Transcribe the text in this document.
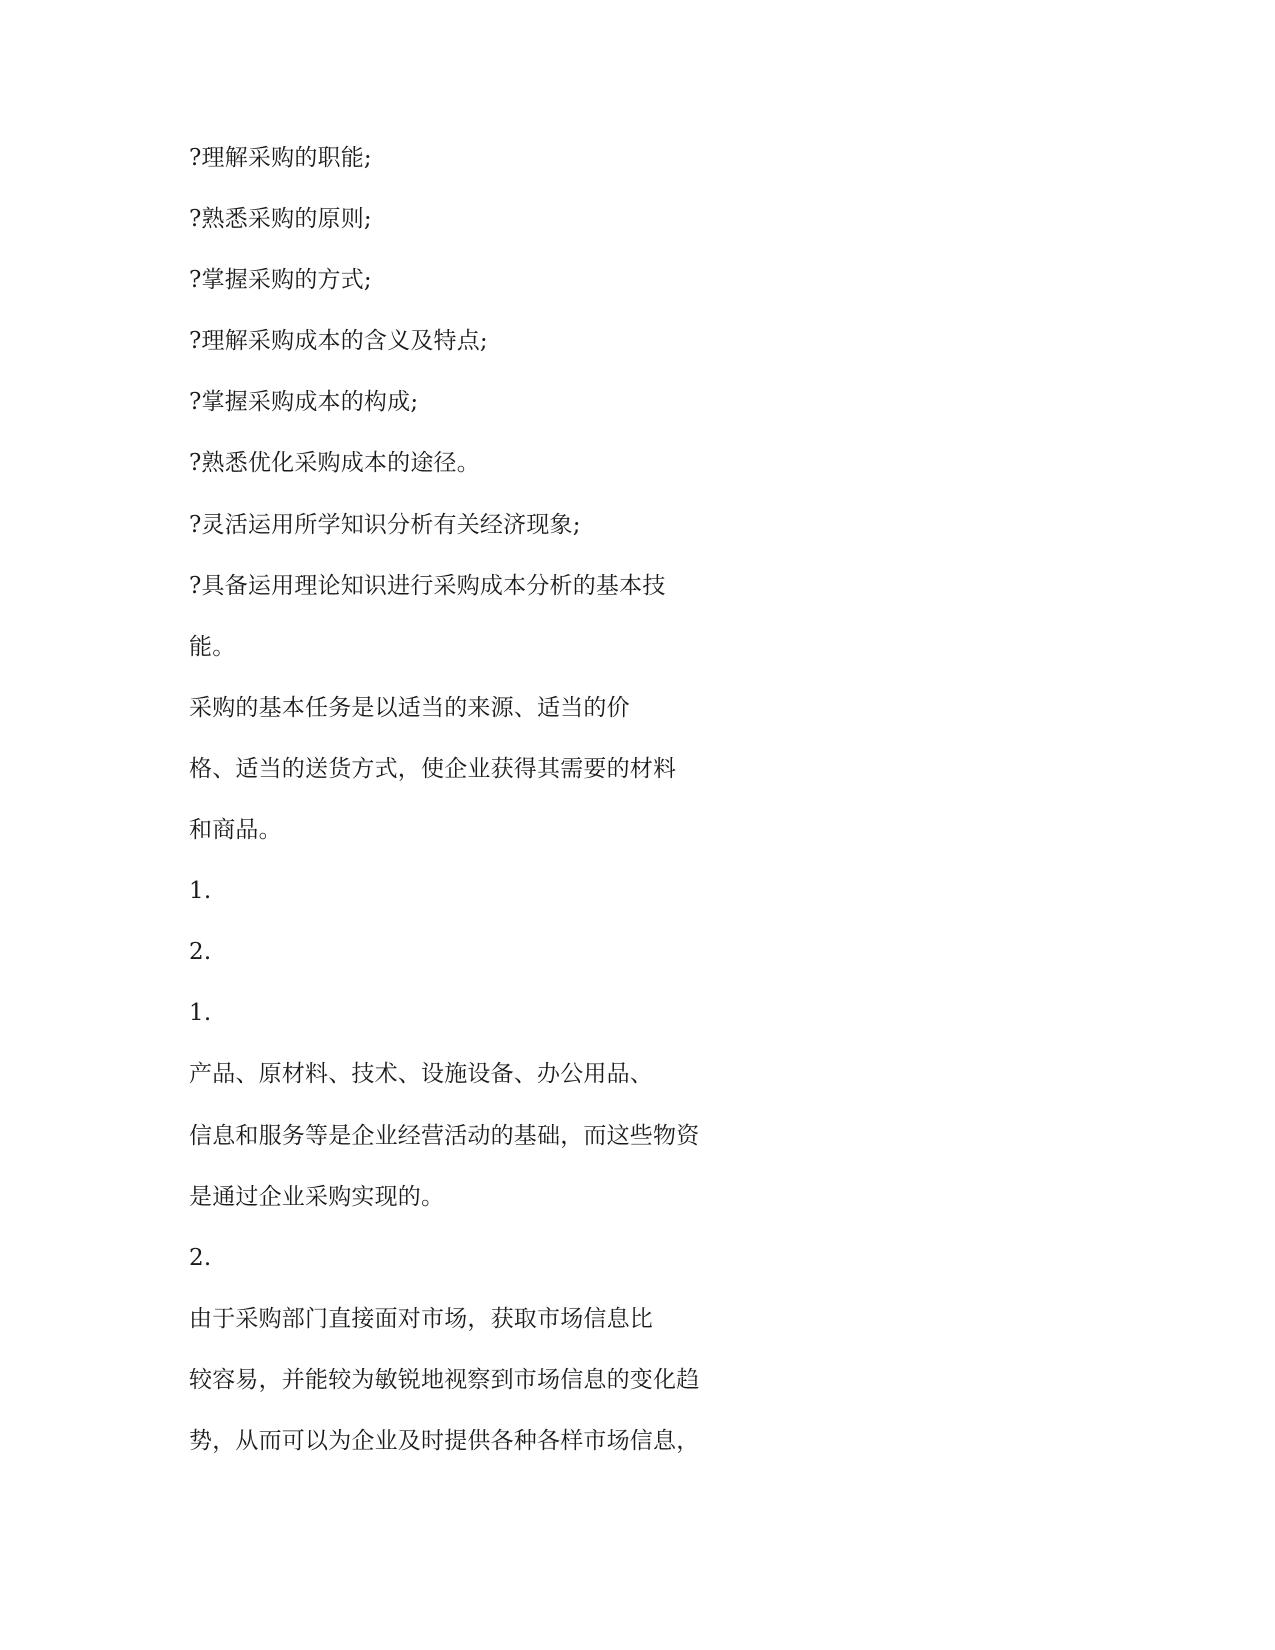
?理解采购的职能;
?熟悉采购的原则;
?掌握采购的方式;
?理解采购成本的含义及特点;
?掌握采购成本的构成;
?熟悉优化采购成本的途径。
?灵活运用所学知识分析有关经济现象;
?具备运用理论知识进行采购成本分析的基本技
能。
采购的基本任务是以适当的来源、适当的价
格、适当的送货方式，使企业获得其需要的材料
和商品。
1.
2.
1.
产品、原材料、技术、设施设备、办公用品、
信息和服务等是企业经营活动的基础，而这些物资
是通过企业采购实现的。
2.
由于采购部门直接面对市场，获取市场信息比
较容易，并能较为敏锐地视察到市场信息的变化趋
势，从而可以为企业及时提供各种各样市场信息，
